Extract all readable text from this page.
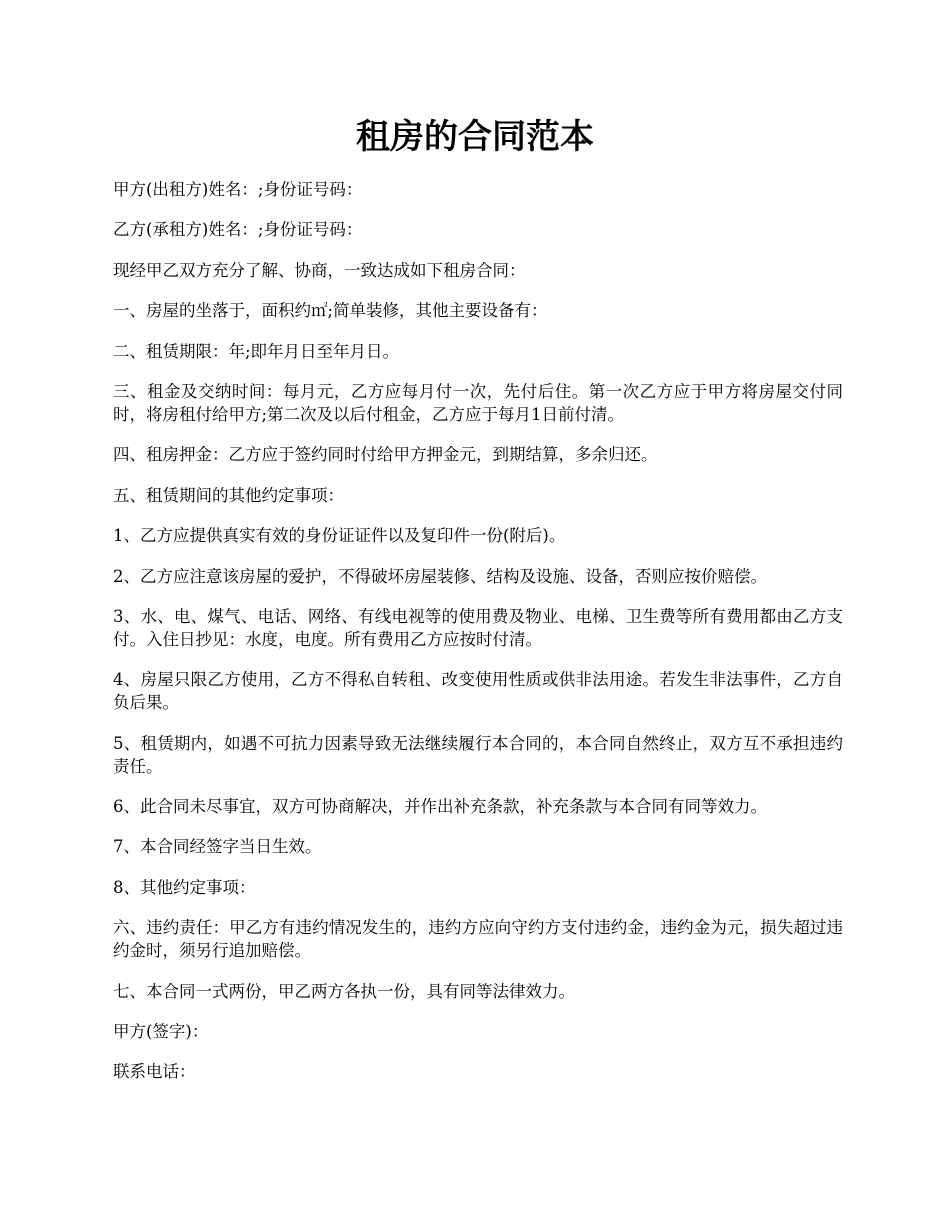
租房的合同范本

甲方(出租方)姓名：;身份证号码：

乙方(承租方)姓名：;身份证号码：

现经甲乙双方充分了解、协商，一致达成如下租房合同：

一、房屋的坐落于，面积约㎡;简单装修，其他主要设备有：

二、租赁期限：年;即年月日至年月日。

三、租金及交纳时间：每月元，乙方应每月付一次，先付后住。第一次乙方应于甲方将房屋交付同时，将房租付给甲方;第二次及以后付租金，乙方应于每月1日前付清。

四、租房押金：乙方应于签约同时付给甲方押金元，到期结算，多余归还。

五、租赁期间的其他约定事项：

1、乙方应提供真实有效的身份证证件以及复印件一份(附后)。

2、乙方应注意该房屋的爱护，不得破坏房屋装修、结构及设施、设备，否则应按价赔偿。

3、水、电、煤气、电话、网络、有线电视等的使用费及物业、电梯、卫生费等所有费用都由乙方支付。入住日抄见：水度，电度。所有费用乙方应按时付清。

4、房屋只限乙方使用，乙方不得私自转租、改变使用性质或供非法用途。若发生非法事件，乙方自负后果。

5、租赁期内，如遇不可抗力因素导致无法继续履行本合同的，本合同自然终止，双方互不承担违约责任。

6、此合同未尽事宜，双方可协商解决，并作出补充条款，补充条款与本合同有同等效力。

7、本合同经签字当日生效。

8、其他约定事项：

六、违约责任：甲乙方有违约情况发生的，违约方应向守约方支付违约金，违约金为元，损失超过违约金时，须另行追加赔偿。

七、本合同一式两份，甲乙两方各执一份，具有同等法律效力。

甲方(签字)：

联系电话：
